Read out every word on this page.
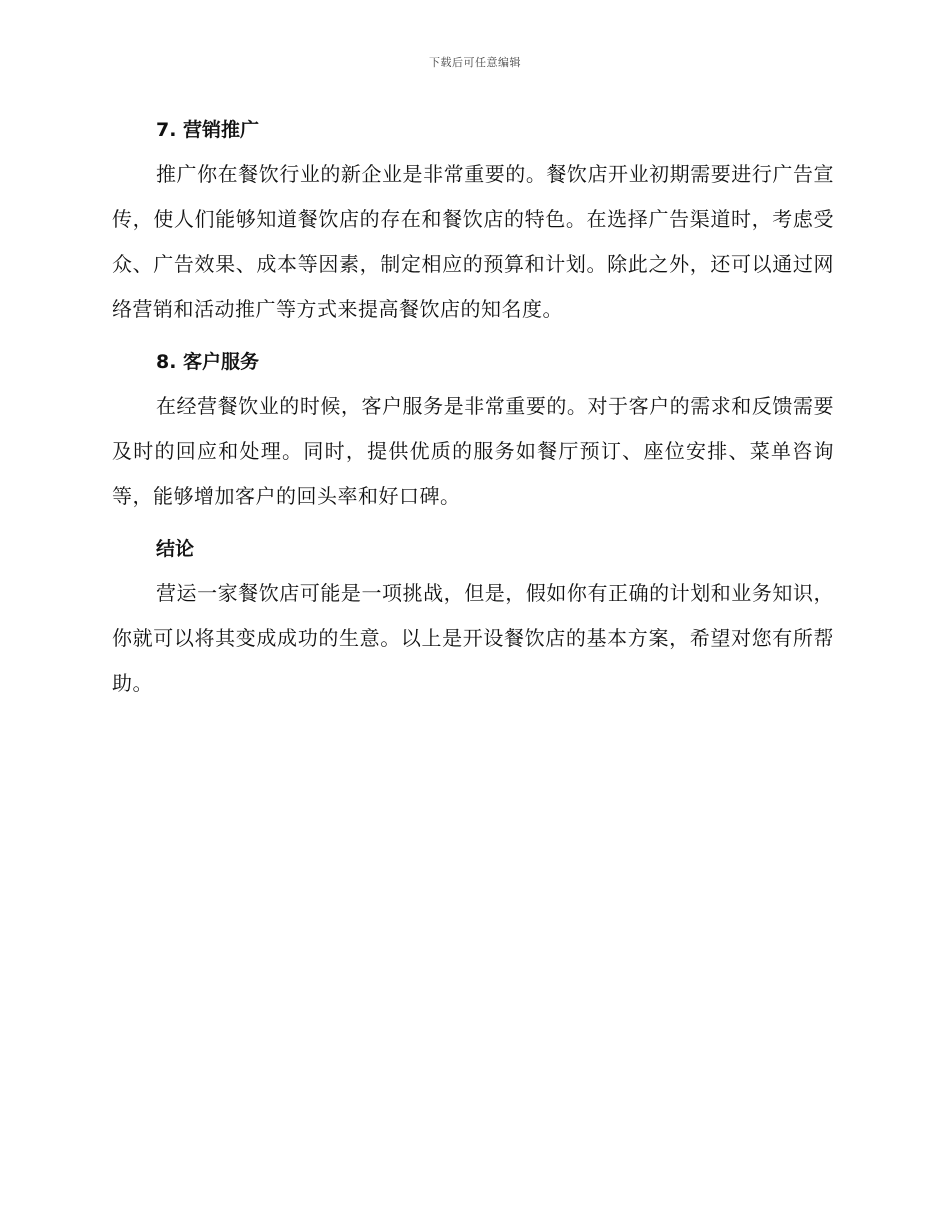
下载后可任意编辑
7. 营销推广

推广你在餐饮行业的新企业是非常重要的。餐饮店开业初期需要进行广告宣传，使人们能够知道餐饮店的存在和餐饮店的特色。在选择广告渠道时，考虑受众、广告效果、成本等因素，制定相应的预算和计划。除此之外，还可以通过网络营销和活动推广等方式来提高餐饮店的知名度。

8. 客户服务

在经营餐饮业的时候，客户服务是非常重要的。对于客户的需求和反馈需要及时的回应和处理。同时，提供优质的服务如餐厅预订、座位安排、菜单咨询等，能够增加客户的回头率和好口碑。

结论

营运一家餐饮店可能是一项挑战，但是，假如你有正确的计划和业务知识，你就可以将其变成成功的生意。以上是开设餐饮店的基本方案，希望对您有所帮助。
